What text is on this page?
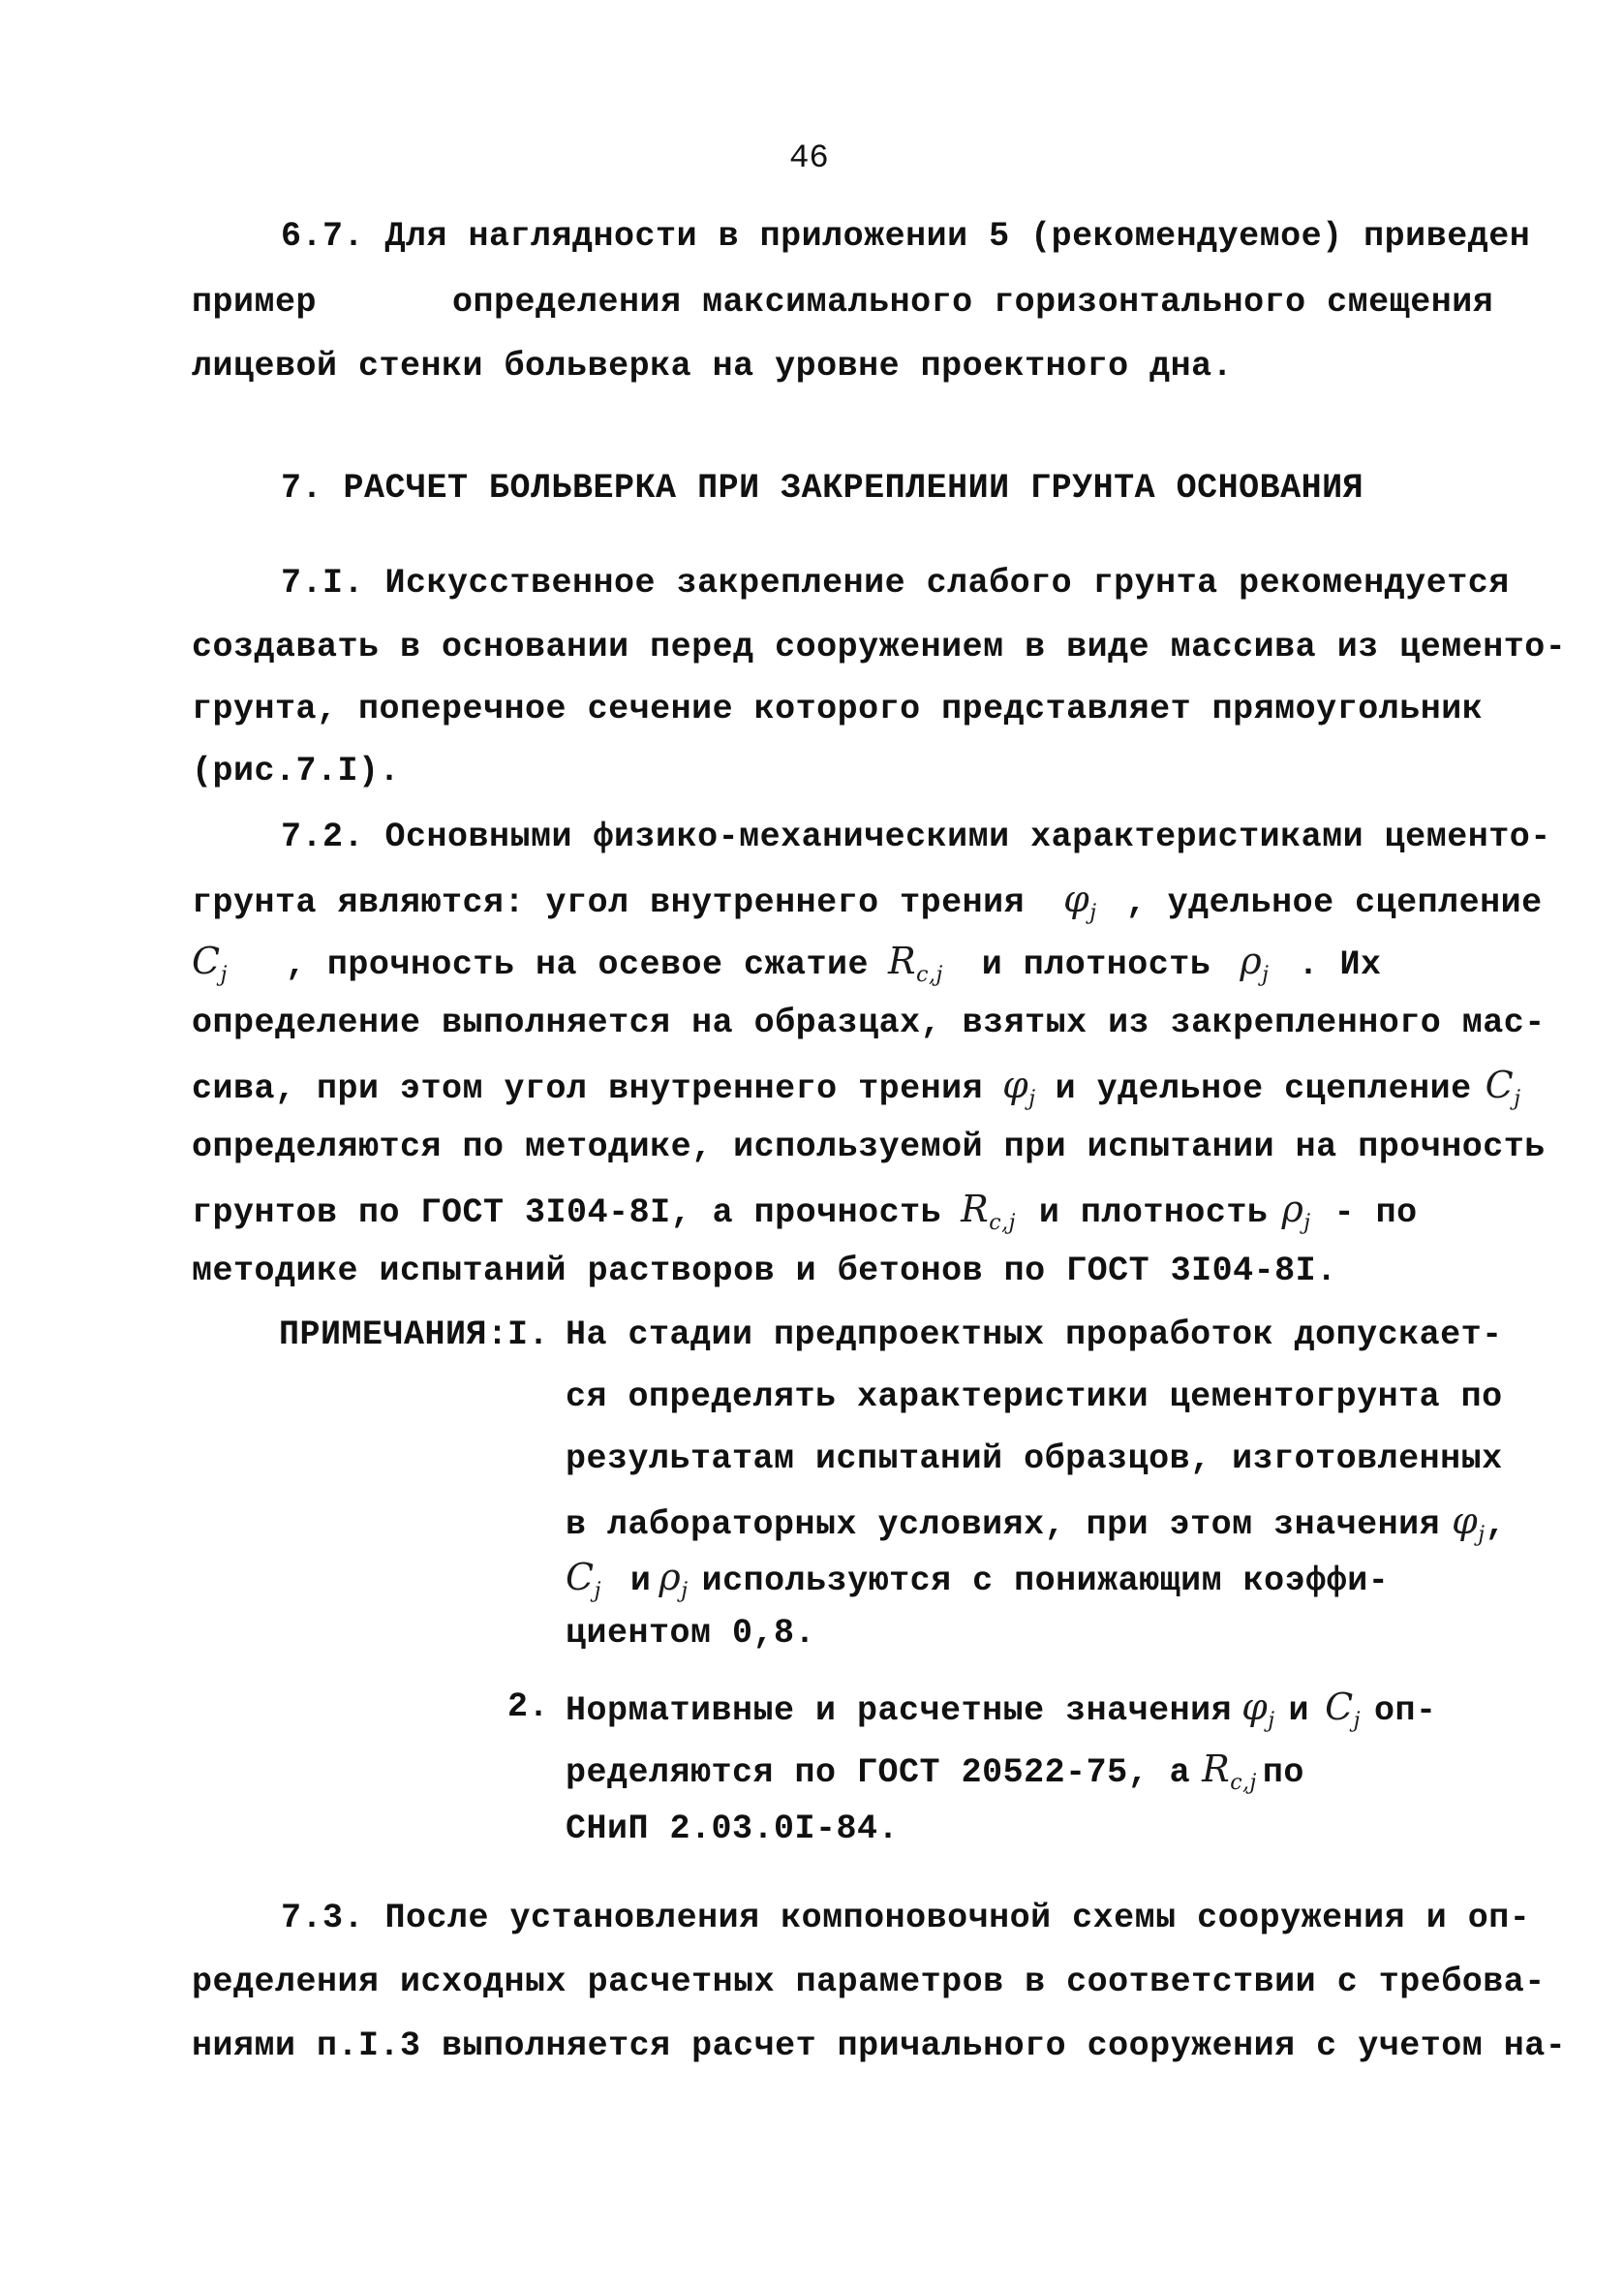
46
6.7. Для наглядности в приложении 5 (рекомендуемое) приведен
пример	определения максимального горизонтального смещения
лицевой стенки больверка на уровне проектного дна.
7. РАСЧЕТ БОЛЬВЕРКА ПРИ ЗАКРЕПЛЕНИИ ГРУНТА ОСНОВАНИЯ
7.I. Искусственное закрепление слабого грунта рекомендуется
создавать в основании перед сооружением в виде массива из цементо-
грунта, поперечное сечение которого представляет прямоугольник
(рис.7.I).
7.2. Основными физико-механическими характеристиками цементо-
грунта являются: угол внутреннего трения $\varphi_j$ , удельное сцепление
$C_j$ , прочность на осевое сжатие $R_{c,j}$ и плотность $\rho_j$ . Их
определение выполняется на образцах, взятых из закрепленного мас-
сива, при этом угол внутреннего трения $\varphi_j$ и удельное сцепление $C_j$
определяются по методике, используемой при испытании на прочность
грунтов по ГОСТ 3I04-8I, а прочность $R_{c,j}$ и плотность $\rho_j$ - по
методике испытаний растворов и бетонов по ГОСТ 3I04-8I.
ПРИМЕЧАНИЯ: I. На стадии предпроектных проработок допускает-
ся определять характеристики цементогрунта по
результатам испытаний образцов, изготовленных
в лабораторных условиях, при этом значения $\varphi_j$,
$C_j$ и $\rho_j$ используются с понижающим коэффи-
циентом 0,8.
2. Нормативные и расчетные значения $\varphi_j$ и $C_j$ оп-
ределяются по ГОСТ 20522-75, а $R_{c,j}$ по
СНиП 2.03.0I-84.
7.3. После установления компоновочной схемы сооружения и оп-
ределения исходных расчетных параметров в соответствии с требова-
ниями п.I.3 выполняется расчет причального сооружения с учетом на-
